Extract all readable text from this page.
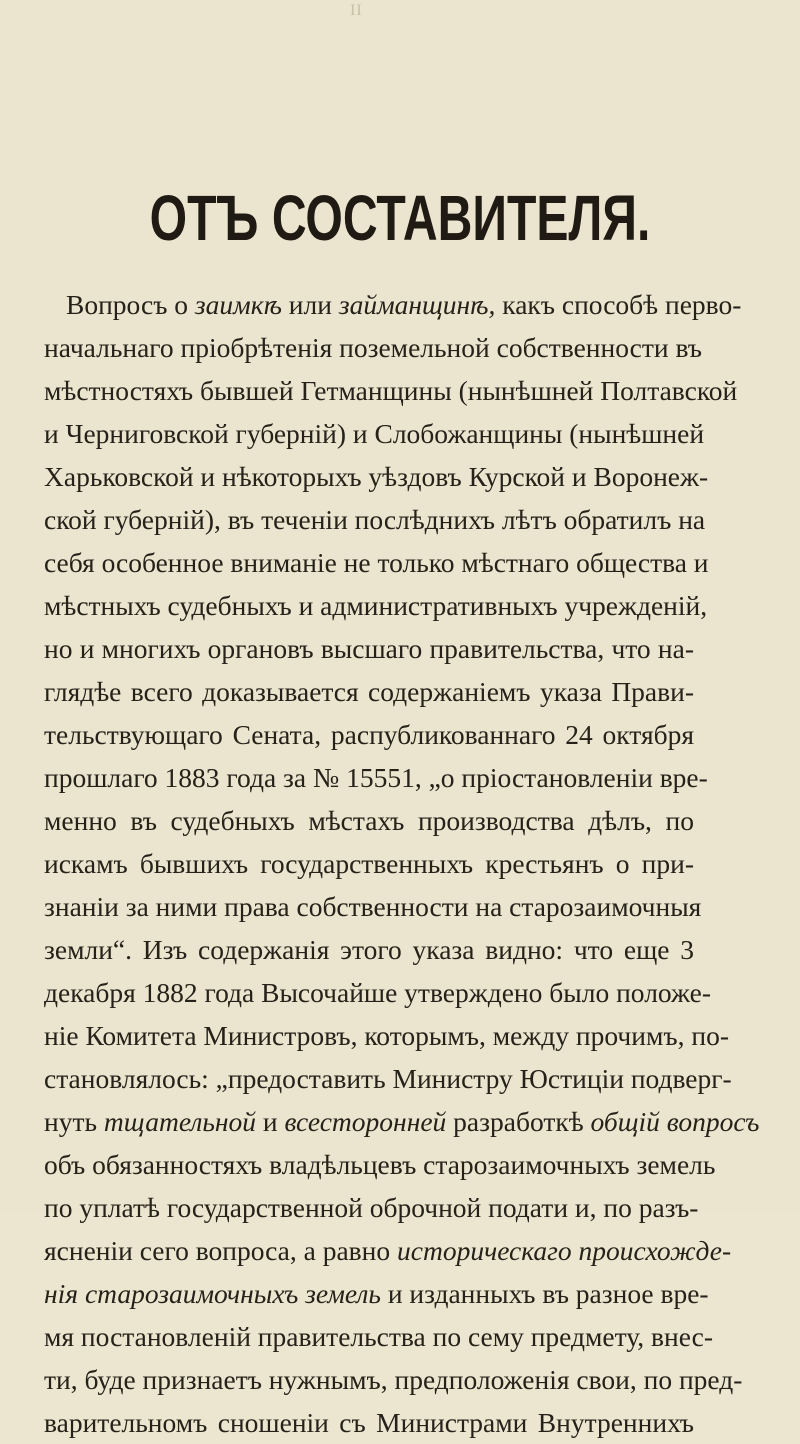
II
ОТЪ СОСТАВИТЕЛЯ.
Вопросъ о заимкѣ или займанщинѣ, какъ способѣ перво-
начальнаго пріобрѣтенія поземельной собственности въ
мѣстностяхъ бывшей Гетманщины (нынѣшней Полтавской
и Черниговской губерній) и Слобожанщины (нынѣшней
Харьковской и нѣкоторыхъ уѣздовъ Курской и Воронеж-
ской губерній), въ теченіи послѣднихъ лѣтъ обратилъ на
себя особенное вниманіе не только мѣстнаго общества и
мѣстныхъ судебныхъ и административныхъ учрежденій,
но и многихъ органовъ высшаго правительства, что на-
глядѣе всего доказывается содержаніемъ указа Прави-
тельствующаго Сената, распубликованнаго 24 октября
прошлаго 1883 года за № 15551, „о пріостановленіи вре-
менно въ судебныхъ мѣстахъ производства дѣлъ, по
искамъ бывшихъ государственныхъ крестьянъ о при-
знаніи за ними права собственности на старозаимочныя
земли“. Изъ содержанія этого указа видно: что еще 3
декабря 1882 года Высочайше утверждено было положе-
ніе Комитета Министровъ, которымъ, между прочимъ, по-
становлялось: „предоставить Министру Юстиціи подверг-
нуть тщательной и всесторонней разработкѣ общій вопросъ
объ обязанностяхъ владѣльцевъ старозаимочныхъ земель
по уплатѣ государственной оброчной подати и, по разъ-
ясненіи сего вопроса, а равно историческаго происхожде-
нія старозаимочныхъ земель и изданныхъ въ разное вре-
мя постановленій правительства по сему предмету, внес-
ти, буде признаетъ нужнымъ, предположенія свои, по пред-
варительномъ сношеніи съ Министрами Внутреннихъ
